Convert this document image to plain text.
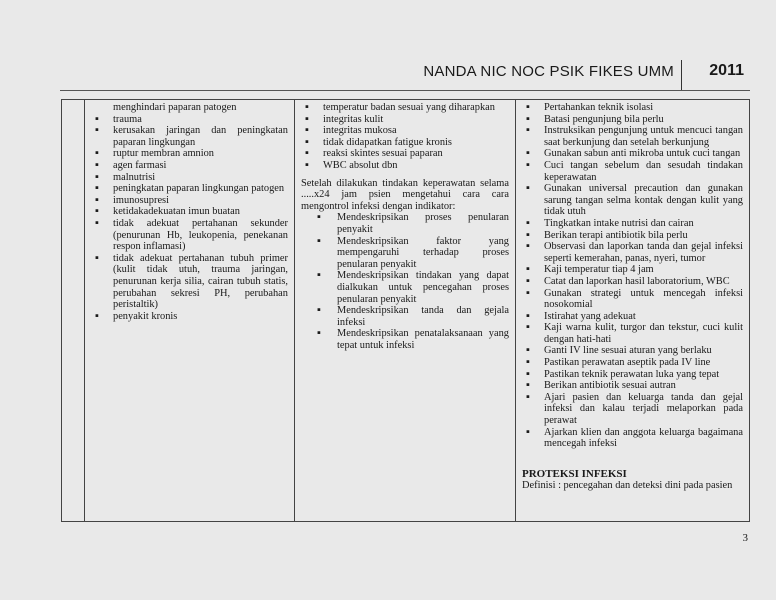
NANDA NIC NOC PSIK FIKES UMM 2011

menghindari paparan patogen
▪ trauma
▪ kerusakan jaringan dan peningkatan paparan lingkungan
▪ ruptur membran amnion
▪ agen farmasi
▪ malnutrisi
▪ peningkatan paparan lingkungan patogen
▪ imunosupresi
▪ ketidakadekuatan imun buatan
▪ tidak adekuat pertahanan sekunder (penurunan Hb, leukopenia, penekanan respon inflamasi)
▪ tidak adekuat pertahanan tubuh primer (kulit tidak utuh, trauma jaringan, penurunan kerja silia, cairan tubuh statis, perubahan sekresi PH, perubahan peristaltik)
▪ penyakit kronis

▪ temperatur badan sesuai yang diharapkan
▪ integritas kulit
▪ integritas mukosa
▪ tidak didapatkan fatigue kronis
▪ reaksi skintes sesuai paparan
▪ WBC absolut dbn

Setelah dilakukan tindakan keperawatan selama .....x24 jam psien mengetahui cara cara mengontrol infeksi dengan indikator:

▪ Mendeskripsikan proses penularan penyakit
▪ Mendeskripsikan faktor yang mempengaruhi terhadap proses penularan penyakit
▪ Mendeskripsikan tindakan yang dapat dialkukan untuk pencegahan proses penularan penyakit
▪ Mendeskripsikan tanda dan gejala infeksi
▪ Mendeskripsikan penatalaksanaan yang tepat untuk infeksi

▪ Pertahankan teknik isolasi
▪ Batasi pengunjung bila perlu
▪ Instruksikan pengunjung untuk mencuci tangan saat berkunjung dan setelah berkunjung
▪ Gunakan sabun anti mikroba untuk cuci tangan
▪ Cuci tangan sebelum dan sesudah tindakan keperawatan
▪ Gunakan universal precaution dan gunakan sarung tangan selma kontak dengan kulit yang tidak utuh
▪ Tingkatkan intake nutrisi dan cairan
▪ Berikan terapi antibiotik bila perlu
▪ Observasi dan laporkan tanda dan gejal infeksi seperti kemerahan, panas, nyeri, tumor
▪ Kaji temperatur tiap 4 jam
▪ Catat dan laporkan hasil laboratorium, WBC
▪ Gunakan strategi untuk mencegah infeksi nosokomial
▪ Istirahat yang adekuat
▪ Kaji warna kulit, turgor dan tekstur, cuci kulit dengan hati-hati
▪ Ganti IV line sesuai aturan yang berlaku
▪ Pastikan perawatan aseptik pada IV line
▪ Pastikan teknik perawatan luka yang tepat
▪ Berikan antibiotik sesuai autran
▪ Ajari pasien dan keluarga tanda dan gejal infeksi dan kalau terjadi melaporkan pada perawat
▪ Ajarkan klien dan anggota keluarga bagaimana mencegah infeksi
PROTEKSI INFEKSI
Definisi : pencegahan dan deteksi dini pada pasien
3
